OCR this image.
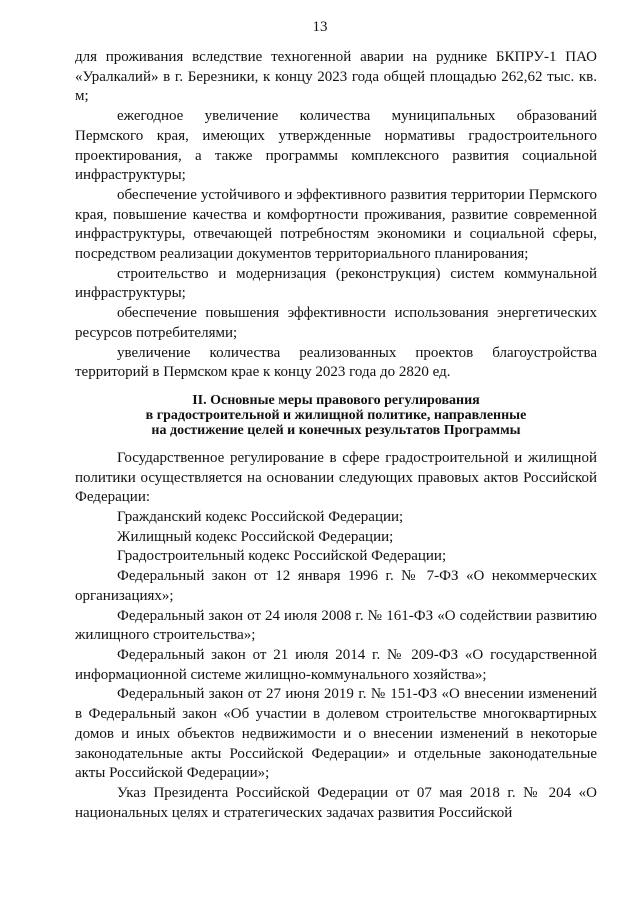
13

для проживания вследствие техногенной аварии на руднике БКПРУ-1 ПАО «Уралкалий» в г. Березники, к концу 2023 года общей площадью 262,62 тыс. кв. м;

ежегодное увеличение количества муниципальных образований Пермского края, имеющих утвержденные нормативы градостроительного проектирования, а также программы комплексного развития социальной инфраструктуры;

обеспечение устойчивого и эффективного развития территории Пермского края, повышение качества и комфортности проживания, развитие современной инфраструктуры, отвечающей потребностям экономики и социальной сферы, посредством реализации документов территориального планирования;

строительство и модернизация (реконструкция) систем коммунальной инфраструктуры;

обеспечение повышения эффективности использования энергетических ресурсов потребителями;

увеличение количества реализованных проектов благоустройства территорий в Пермском крае к концу 2023 года до 2820 ед.

II. Основные меры правового регулирования
в градостроительной и жилищной политике, направленные
на достижение целей и конечных результатов Программы

Государственное регулирование в сфере градостроительной и жилищной политики осуществляется на основании следующих правовых актов Российской Федерации:

Гражданский кодекс Российской Федерации;

Жилищный кодекс Российской Федерации;

Градостроительный кодекс Российской Федерации;

Федеральный закон от 12 января 1996 г. № 7-ФЗ «О некоммерческих организациях»;

Федеральный закон от 24 июля 2008 г. № 161-ФЗ «О содействии развитию жилищного строительства»;

Федеральный закон от 21 июля 2014 г. № 209-ФЗ «О государственной информационной системе жилищно-коммунального хозяйства»;

Федеральный закон от 27 июня 2019 г. № 151-ФЗ «О внесении изменений в Федеральный закон «Об участии в долевом строительстве многоквартирных домов и иных объектов недвижимости и о внесении изменений в некоторые законодательные акты Российской Федерации» и отдельные законодательные акты Российской Федерации»;

Указ Президента Российской Федерации от 07 мая 2018 г. № 204 «О национальных целях и стратегических задачах развития Российской
